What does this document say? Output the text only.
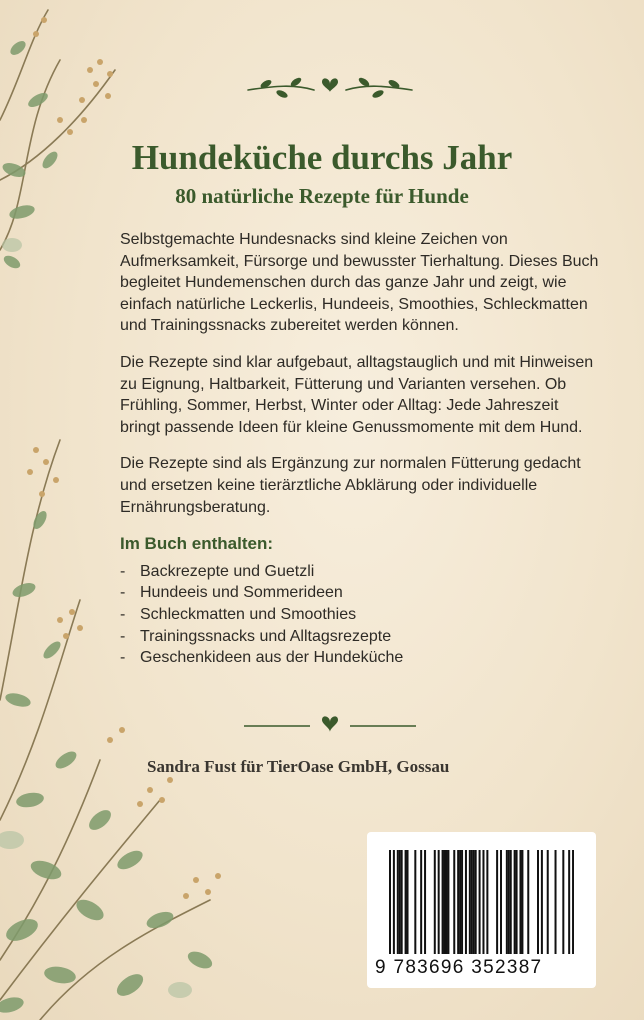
Hundeküche durchs Jahr
80 natürliche Rezepte für Hunde

Selbstgemachte Hundesnacks sind kleine Zeichen von Aufmerksamkeit, Fürsorge und bewusster Tierhaltung. Dieses Buch begleitet Hundemenschen durch das ganze Jahr und zeigt, wie einfach natürliche Leckerlis, Hundeeis, Smoothies, Schleckmatten und Trainingssnacks zubereitet werden können.

Die Rezepte sind klar aufgebaut, alltagstauglich und mit Hinweisen zu Eignung, Haltbarkeit, Fütterung und Varianten versehen. Ob Frühling, Sommer, Herbst, Winter oder Alltag: Jede Jahreszeit bringt passende Ideen für kleine Genussmomente mit dem Hund.

Die Rezepte sind als Ergänzung zur normalen Fütterung gedacht und ersetzen keine tierärztliche Abklärung oder individuelle Ernährungsberatung.

Im Buch enthalten:
- Backrezepte und Guetzli
- Hundeeis und Sommerideen
- Schleckmatten und Smoothies
- Trainingssnacks und Alltagsrezepte
- Geschenkideen aus der Hundeküche

Sandra Fust für TierOase GmbH, Gossau

9 783696 352387
